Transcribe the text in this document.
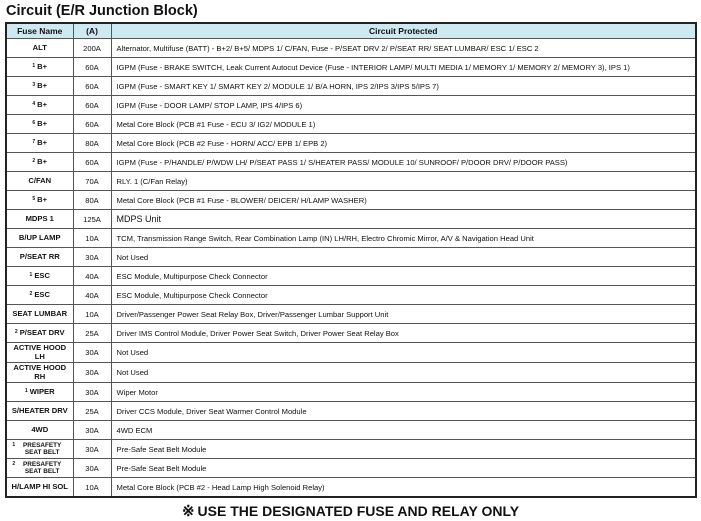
Circuit (E/R Junction Block)
Fuse Name	(A)	Circuit Protected

ALT	200A	Alternator, Multifuse (BATT) - B+2/ B+5/ MDPS 1/ C/FAN, Fuse - P/SEAT DRV 2/ P/SEAT RR/ SEAT LUMBAR/ ESC 1/ ESC 2

1 B+	60A	IGPM (Fuse - BRAKE SWITCH, Leak Current Autocut Device (Fuse - INTERIOR LAMP/ MULTI MEDIA 1/ MEMORY 1/ MEMORY 2/ MEMORY 3), IPS 1)

3 B+	60A	IGPM (Fuse - SMART KEY 1/ SMART KEY 2/ MODULE 1/ B/A HORN, IPS 2/IPS 3/IPS 5/IPS 7)

4 B+	60A	IGPM (Fuse - DOOR LAMP/ STOP LAMP, IPS 4/IPS 6)

6 B+	60A	Metal Core Block (PCB #1 Fuse - ECU 3/ IG2/ MODULE 1)

7 B+	80A	Metal Core Block (PCB #2 Fuse - HORN/ ACC/ EPB 1/ EPB 2)

2 B+	60A	IGPM (Fuse - P/HANDLE/ P/WDW LH/ P/SEAT PASS 1/ S/HEATER PASS/ MODULE 10/ SUNROOF/ P/DOOR DRV/ P/DOOR PASS)

C/FAN	70A	RLY. 1 (C/Fan Relay)

5 B+	80A	Metal Core Block (PCB #1 Fuse - BLOWER/ DEICER/ H/LAMP WASHER)

MDPS 1	125A	MDPS Unit

B/UP LAMP	10A	TCM, Transmission Range Switch, Rear Combination Lamp (IN) LH/RH, Electro Chromic Mirror, A/V & Navigation Head Unit

P/SEAT RR	30A	Not Used

1 ESC	40A	ESC Module, Multipurpose Check Connector

2 ESC	40A	ESC Module, Multipurpose Check Connector

SEAT LUMBAR	10A	Driver/Passenger Power Seat Relay Box, Driver/Passenger Lumbar Support Unit

2 P/SEAT DRV	25A	Driver IMS Control Module, Driver Power Seat Switch, Driver Power Seat Relay Box

ACTIVE HOOD LH	30A	Not Used

ACTIVE HOOD RH	30A	Not Used

1 WIPER	30A	Wiper Motor

S/HEATER DRV	25A	Driver CCS Module, Driver Seat Warmer Control Module

4WD	30A	4WD ECM

1 PRESAFETY SEAT BELT	30A	Pre-Safe Seat Belt Module

2 PRESAFETY SEAT BELT	30A	Pre-Safe Seat Belt Module

H/LAMP HI SOL	10A	Metal Core Block (PCB #2 - Head Lamp High Solenoid Relay)
※ USE THE DESIGNATED FUSE AND RELAY ONLY
